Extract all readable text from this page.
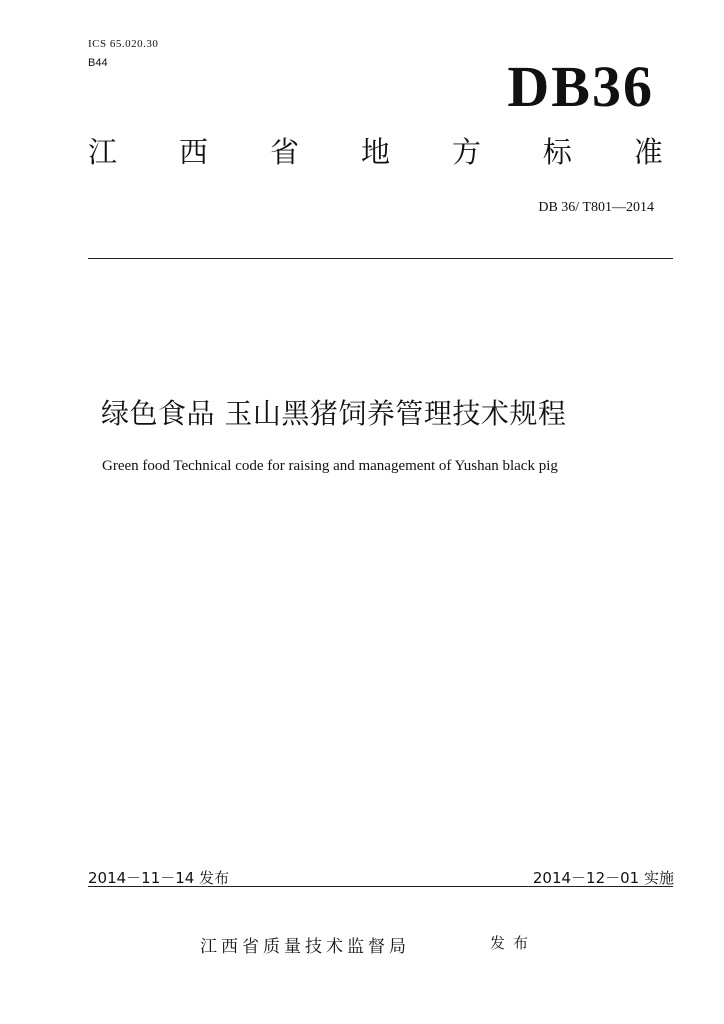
ICS 65.020.30
B44	DB36
江 西 省 地 方 标 准
DB 36/ T801—2014
绿色食品 玉山黑猪饲养管理技术规程
Green food Technical code for raising and management of Yushan black pig
2014－11－14 发布	2014－12－01 实施
江西省质量技术监督局	发布
